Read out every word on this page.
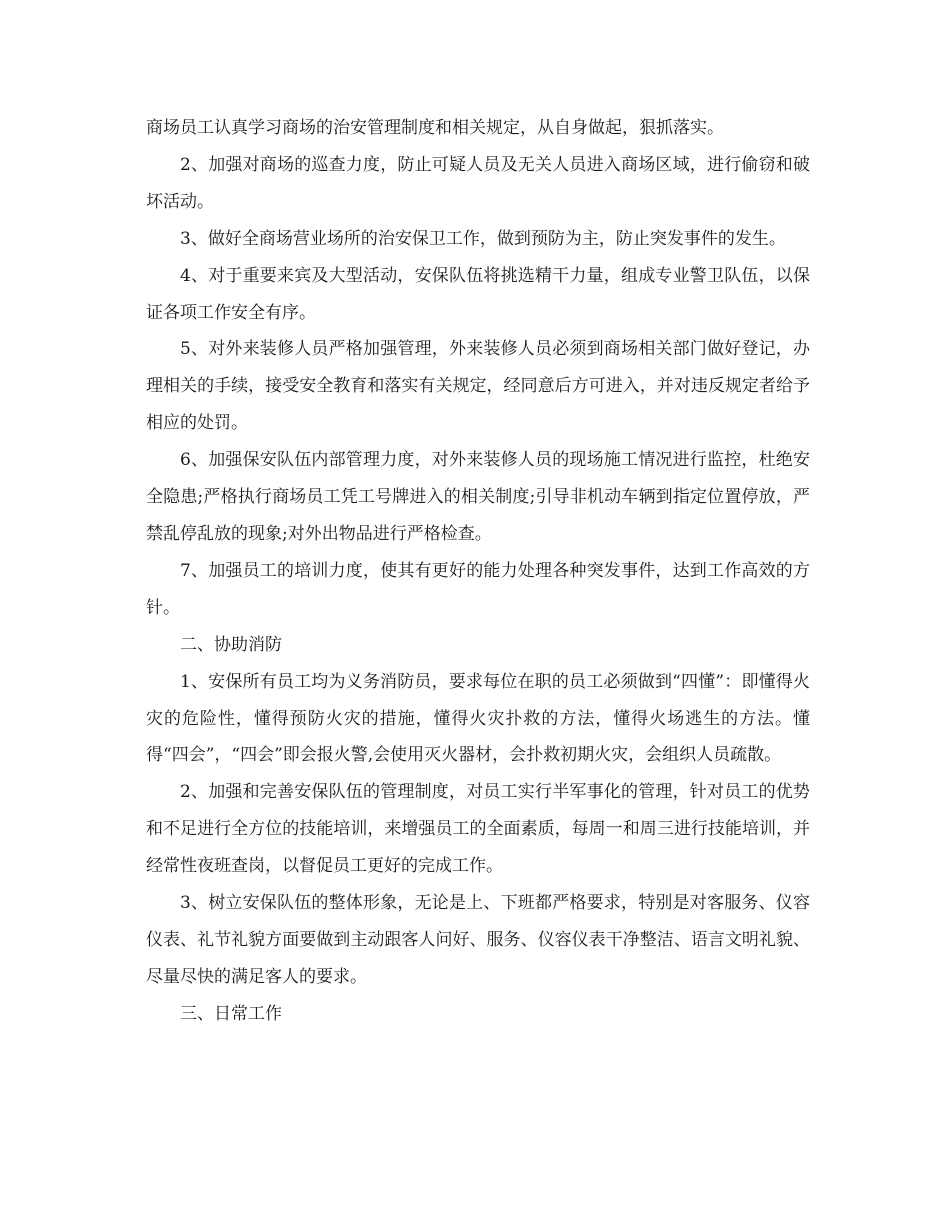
商场员工认真学习商场的治安管理制度和相关规定，从自身做起，狠抓落实。

2、加强对商场的巡查力度，防止可疑人员及无关人员进入商场区域，进行偷窃和破坏活动。

3、做好全商场营业场所的治安保卫工作，做到预防为主，防止突发事件的发生。

4、对于重要来宾及大型活动，安保队伍将挑选精干力量，组成专业警卫队伍，以保证各项工作安全有序。

5、对外来装修人员严格加强管理，外来装修人员必须到商场相关部门做好登记，办理相关的手续，接受安全教育和落实有关规定，经同意后方可进入，并对违反规定者给予相应的处罚。

6、加强保安队伍内部管理力度，对外来装修人员的现场施工情况进行监控，杜绝安全隐患;严格执行商场员工凭工号牌进入的相关制度;引导非机动车辆到指定位置停放，严禁乱停乱放的现象;对外出物品进行严格检查。

7、加强员工的培训力度，使其有更好的能力处理各种突发事件，达到工作高效的方针。

二、协助消防

1、安保所有员工均为义务消防员，要求每位在职的员工必须做到“四懂”：即懂得火灾的危险性，懂得预防火灾的措施，懂得火灾扑救的方法，懂得火场逃生的方法。懂得“四会”，“四会”即会报火警,会使用灭火器材，会扑救初期火灾，会组织人员疏散。

2、加强和完善安保队伍的管理制度，对员工实行半军事化的管理，针对员工的优势和不足进行全方位的技能培训，来增强员工的全面素质，每周一和周三进行技能培训，并经常性夜班查岗，以督促员工更好的完成工作。

3、树立安保队伍的整体形象，无论是上、下班都严格要求，特别是对客服务、仪容仪表、礼节礼貌方面要做到主动跟客人问好、服务、仪容仪表干净整洁、语言文明礼貌、尽量尽快的满足客人的要求。

三、日常工作
